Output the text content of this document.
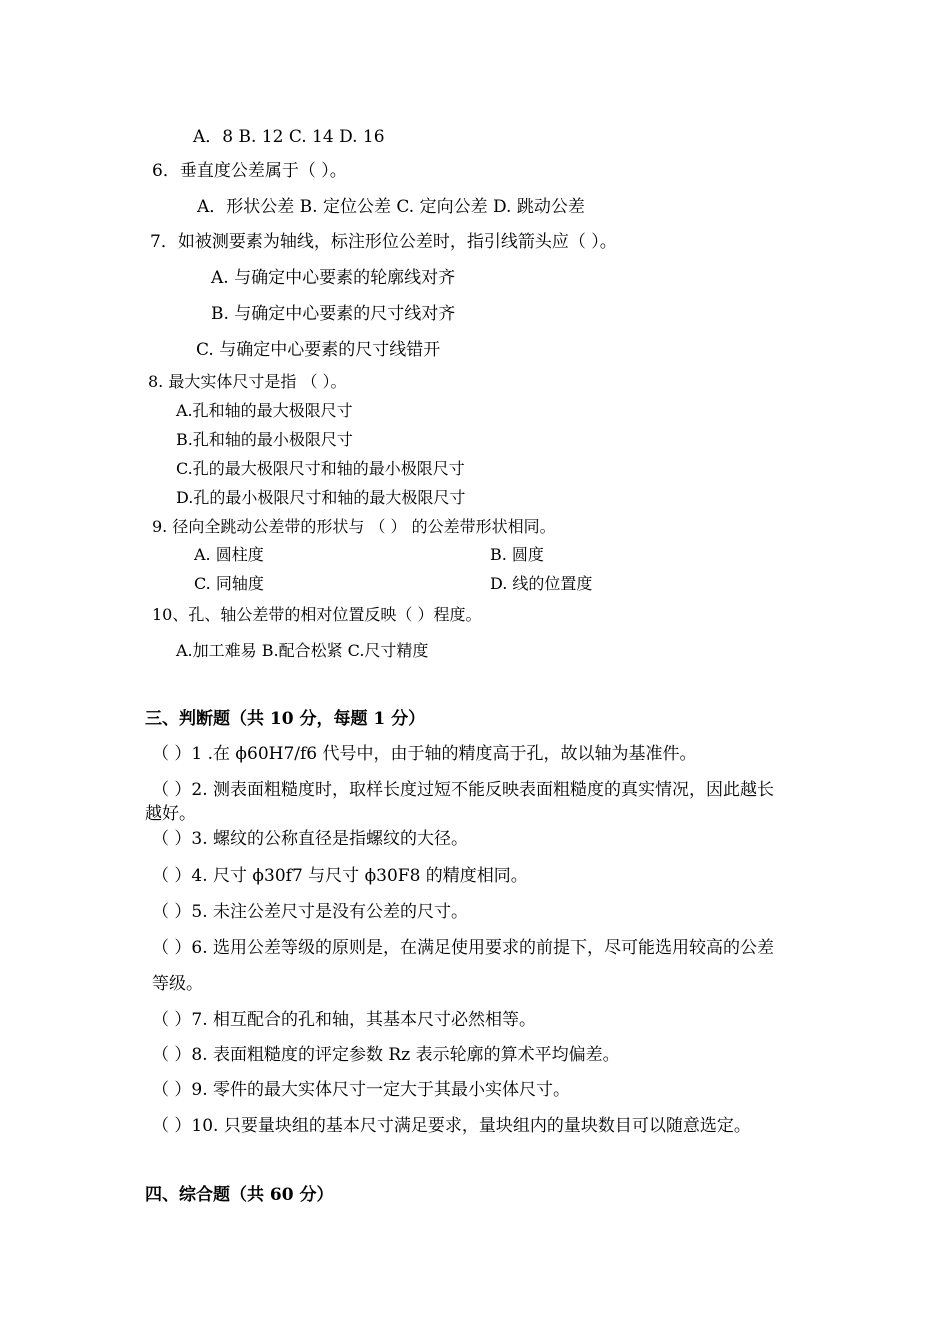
A．8 B. 12 C. 14 D. 16
6．垂直度公差属于（ ）。
A．形状公差 B. 定位公差 C. 定向公差 D. 跳动公差
7．如被测要素为轴线，标注形位公差时，指引线箭头应（ ）。
A. 与确定中心要素的轮廓线对齐
B. 与确定中心要素的尺寸线对齐
C. 与确定中心要素的尺寸线错开
8. 最大实体尺寸是指 （ ）。
A.孔和轴的最大极限尺寸
B.孔和轴的最小极限尺寸
C.孔的最大极限尺寸和轴的最小极限尺寸
D.孔的最小极限尺寸和轴的最大极限尺寸
9. 径向全跳动公差带的形状与 （ ） 的公差带形状相同。
A. 圆柱度	B. 圆度
C. 同轴度	D. 线的位置度
10、孔、轴公差带的相对位置反映（ ）程度。
A.加工难易 B.配合松紧 C.尺寸精度
三、判断题（共 10 分，每题 1 分）
（ ）1 .在 ϕ60H7/f6 代号中，由于轴的精度高于孔，故以轴为基准件。
（ ）2. 测表面粗糙度时，取样长度过短不能反映表面粗糙度的真实情况，因此越长
越好。
（ ）3. 螺纹的公称直径是指螺纹的大径。
（ ）4. 尺寸 ϕ30f7 与尺寸 ϕ30F8 的精度相同。
（ ）5. 未注公差尺寸是没有公差的尺寸。
（ ）6. 选用公差等级的原则是，在满足使用要求的前提下，尽可能选用较高的公差
等级。
（ ）7. 相互配合的孔和轴，其基本尺寸必然相等。
（ ）8. 表面粗糙度的评定参数 Rz 表示轮廓的算术平均偏差。
（ ）9. 零件的最大实体尺寸一定大于其最小实体尺寸。
（ ）10. 只要量块组的基本尺寸满足要求，量块组内的量块数目可以随意选定。
四、综合题（共 60 分）
